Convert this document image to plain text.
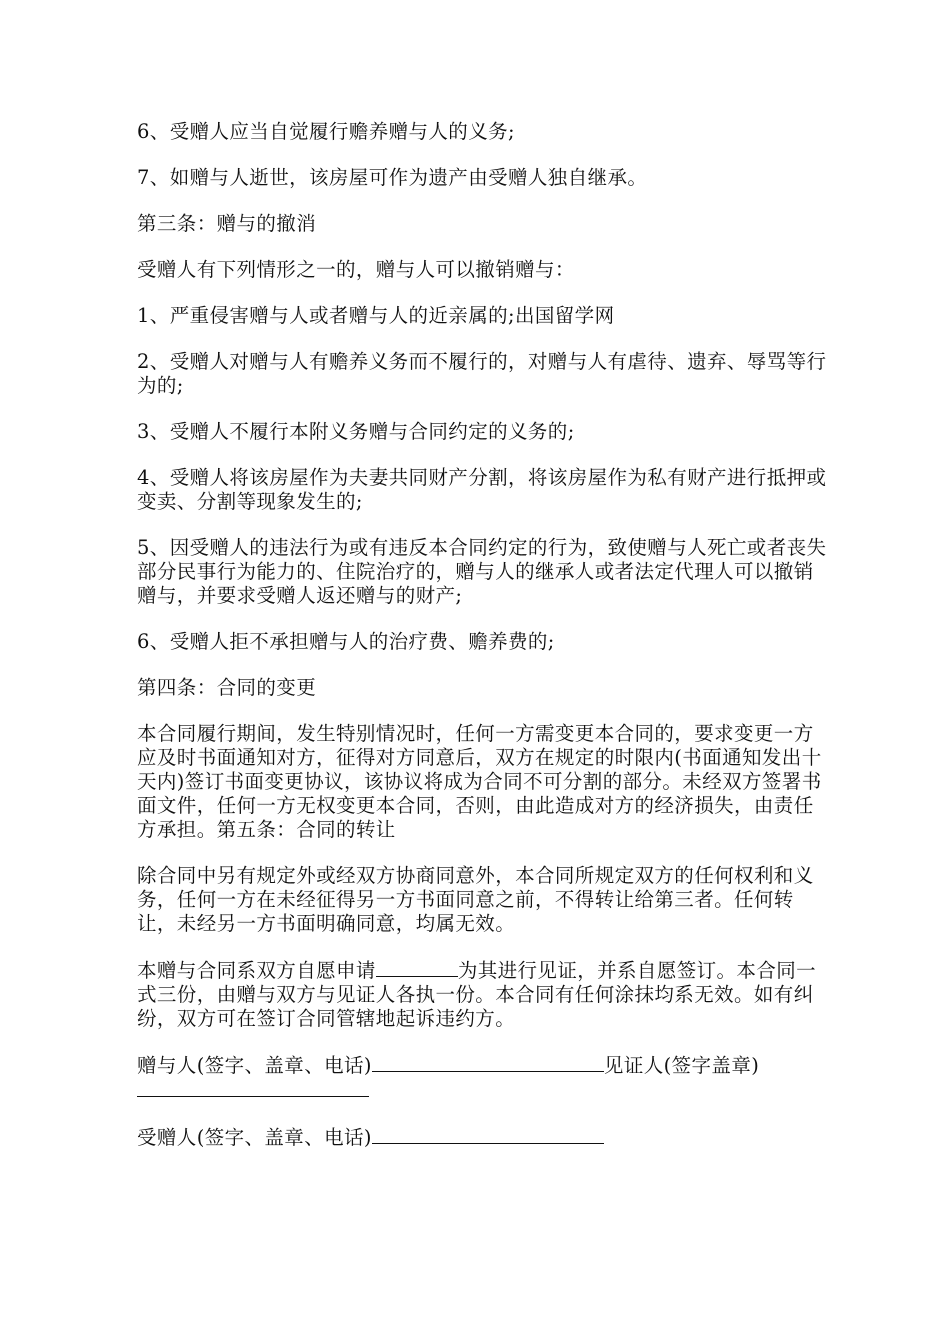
6、受赠人应当自觉履行赡养赠与人的义务;

7、如赠与人逝世，该房屋可作为遗产由受赠人独自继承。

第三条：赠与的撤消

受赠人有下列情形之一的，赠与人可以撤销赠与：

1、严重侵害赠与人或者赠与人的近亲属的;出国留学网

2、受赠人对赠与人有赡养义务而不履行的，对赠与人有虐待、遗弃、辱骂等行为的;

3、受赠人不履行本附义务赠与合同约定的义务的;

4、受赠人将该房屋作为夫妻共同财产分割，将该房屋作为私有财产进行抵押或变卖、分割等现象发生的;

5、因受赠人的违法行为或有违反本合同约定的行为，致使赠与人死亡或者丧失部分民事行为能力的、住院治疗的，赠与人的继承人或者法定代理人可以撤销赠与，并要求受赠人返还赠与的财产;

6、受赠人拒不承担赠与人的治疗费、赡养费的;

第四条：合同的变更

本合同履行期间，发生特别情况时，任何一方需变更本合同的，要求变更一方应及时书面通知对方，征得对方同意后，双方在规定的时限内(书面通知发出十天内)签订书面变更协议，该协议将成为合同不可分割的部分。未经双方签署书面文件，任何一方无权变更本合同，否则，由此造成对方的经济损失，由责任方承担。第五条：合同的转让

除合同中另有规定外或经双方协商同意外，本合同所规定双方的任何权利和义务，任何一方在未经征得另一方书面同意之前，不得转让给第三者。任何转让，未经另一方书面明确同意，均属无效。

本赠与合同系双方自愿申请	为其进行见证，并系自愿签订。本合同一式三份，由赠与双方与见证人各执一份。本合同有任何涂抹均系无效。如有纠纷，双方可在签订合同管辖地起诉违约方。

赠与人(签字、盖章、电话)	见证人(签字盖章)

受赠人(签字、盖章、电话)
